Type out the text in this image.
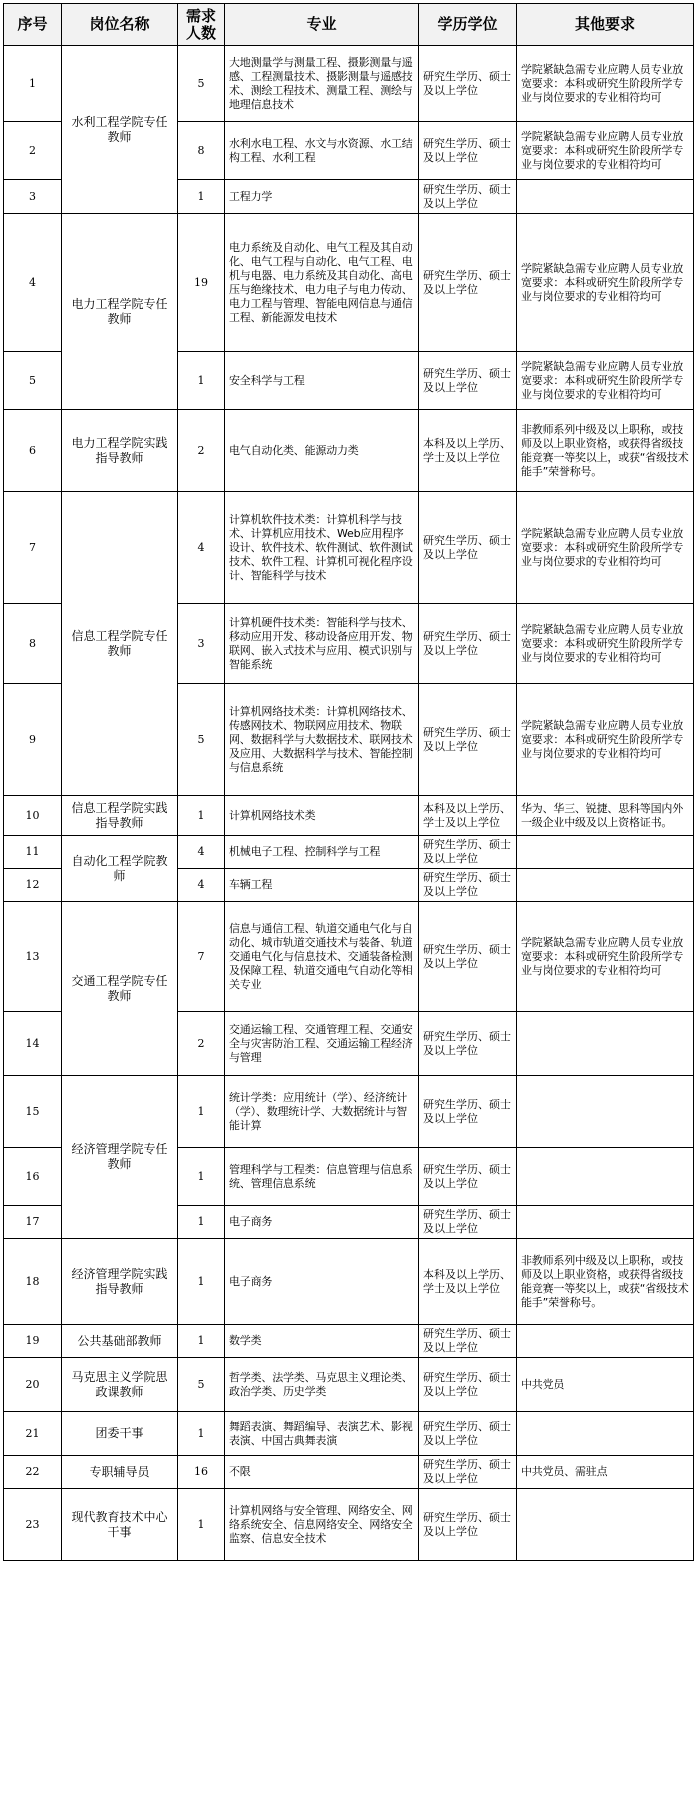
序号	岗位名称	需求人数	专业	学历学位	其他要求
1	水利工程学院专任教师	5	大地测量学与测量工程、摄影测量与遥感、工程测量技术、摄影测量与遥感技术、测绘工程技术、测量工程、测绘与地理信息技术	研究生学历、硕士及以上学位	学院紧缺急需专业应聘人员专业放宽要求：本科或研究生阶段所学专业与岗位要求的专业相符均可
2		8	水利水电工程、水文与水资源、水工结构工程、水利工程	研究生学历、硕士及以上学位	学院紧缺急需专业应聘人员专业放宽要求：本科或研究生阶段所学专业与岗位要求的专业相符均可
3		1	工程力学	研究生学历、硕士及以上学位	
4	电力工程学院专任教师	19	电力系统及自动化、电气工程及其自动化、电气工程与自动化、电气工程、电机与电器、电力系统及其自动化、高电压与绝缘技术、电力电子与电力传动、电力工程与管理、智能电网信息与通信工程、新能源发电技术	研究生学历、硕士及以上学位	学院紧缺急需专业应聘人员专业放宽要求：本科或研究生阶段所学专业与岗位要求的专业相符均可
5		1	安全科学与工程	研究生学历、硕士及以上学位	学院紧缺急需专业应聘人员专业放宽要求：本科或研究生阶段所学专业与岗位要求的专业相符均可
6	电力工程学院实践指导教师	2	电气自动化类、能源动力类	本科及以上学历、学士及以上学位	非教师系列中级及以上职称，或技师及以上职业资格，或获得省级技能竞赛一等奖以上，或获“省级技术能手”荣誉称号。
7	信息工程学院专任教师	4	计算机软件技术类：计算机科学与技术、计算机应用技术、Web应用程序设计、软件技术、软件测试、软件测试技术、软件工程、计算机可视化程序设计、智能科学与技术	研究生学历、硕士及以上学位	学院紧缺急需专业应聘人员专业放宽要求：本科或研究生阶段所学专业与岗位要求的专业相符均可
8		3	计算机硬件技术类：智能科学与技术、移动应用开发、移动设备应用开发、物联网、嵌入式技术与应用、模式识别与智能系统	研究生学历、硕士及以上学位	学院紧缺急需专业应聘人员专业放宽要求：本科或研究生阶段所学专业与岗位要求的专业相符均可
9		5	计算机网络技术类：计算机网络技术、传感网技术、物联网应用技术、物联网、数据科学与大数据技术、联网技术及应用、大数据科学与技术、智能控制与信息系统	研究生学历、硕士及以上学位	学院紧缺急需专业应聘人员专业放宽要求：本科或研究生阶段所学专业与岗位要求的专业相符均可
10	信息工程学院实践指导教师	1	计算机网络技术类	本科及以上学历、学士及以上学位	华为、华三、锐捷、思科等国内外一级企业中级及以上资格证书。
11	自动化工程学院教师	4	机械电子工程、控制科学与工程	研究生学历、硕士及以上学位	
12		4	车辆工程	研究生学历、硕士及以上学位	
13	交通工程学院专任教师	7	信息与通信工程、轨道交通电气化与自动化、城市轨道交通技术与装备、轨道交通电气化与信息技术、交通装备检测及保障工程、轨道交通电气自动化等相关专业	研究生学历、硕士及以上学位	学院紧缺急需专业应聘人员专业放宽要求：本科或研究生阶段所学专业与岗位要求的专业相符均可
14		2	交通运输工程、交通管理工程、交通安全与灾害防治工程、交通运输工程经济与管理	研究生学历、硕士及以上学位	
15	经济管理学院专任教师	1	统计学类：应用统计（学）、经济统计（学）、数理统计学、大数据统计与智能计算	研究生学历、硕士及以上学位	
16		1	管理科学与工程类：信息管理与信息系统、管理信息系统	研究生学历、硕士及以上学位	
17		1	电子商务	研究生学历、硕士及以上学位	
18	经济管理学院实践指导教师	1	电子商务	本科及以上学历、学士及以上学位	非教师系列中级及以上职称，或技师及以上职业资格，或获得省级技能竞赛一等奖以上，或获“省级技术能手”荣誉称号。
19	公共基础部教师	1	数学类	研究生学历、硕士及以上学位	
20	马克思主义学院思政课教师	5	哲学类、法学类、马克思主义理论类、政治学类、历史学类	研究生学历、硕士及以上学位	中共党员
21	团委干事	1	舞蹈表演、舞蹈编导、表演艺术、影视表演、中国古典舞表演	研究生学历、硕士及以上学位	
22	专职辅导员	16	不限	研究生学历、硕士及以上学位	中共党员、需驻点
23	现代教育技术中心干事	1	计算机网络与安全管理、网络安全、网络系统安全、信息网络安全、网络安全监察、信息安全技术	研究生学历、硕士及以上学位	
